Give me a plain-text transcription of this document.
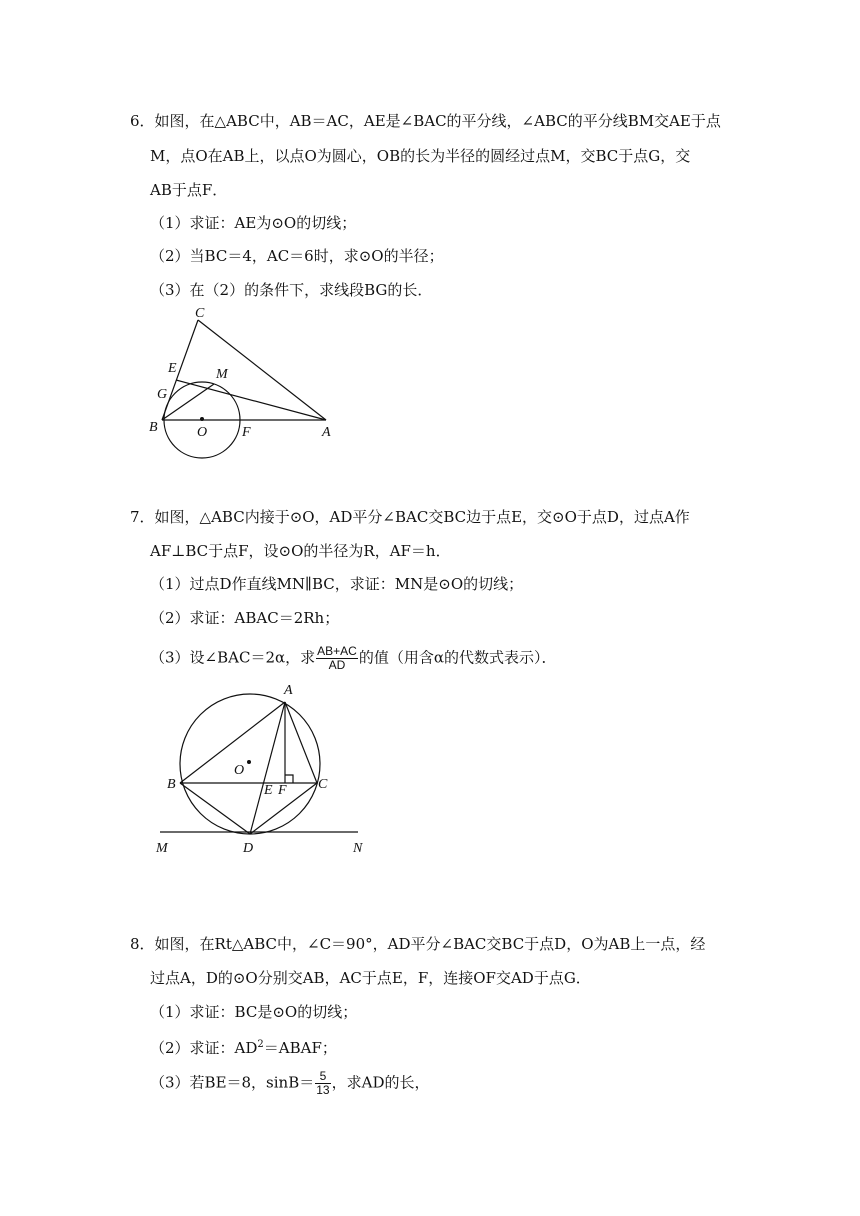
6．如图，在△ABC中，AB＝AC，AE是∠BAC的平分线，∠ABC的平分线BM交AE于点
M，点O在AB上，以点O为圆心，OB的长为半径的圆经过点M，交BC于点G，交
AB于点F．
（1）求证：AE为⊙O的切线；
（2）当BC＝4，AC＝6时，求⊙O的半径；
（3）在（2）的条件下，求线段BG的长．
C
E	M
G
B	O F	A
7．如图，△ABC内接于⊙O，AD平分∠BAC交BC边于点E，交⊙O于点D，过点A作
AF⊥BC于点F，设⊙O的半径为R，AF＝h．
（1）过点D作直线MN∥BC，求证：MN是⊙O的切线；
（2）求证：ABAC＝2Rh；
（3）设∠BAC＝2α，求 $\frac{AB+AC}{AD}$ 的值（用含α的代数式表示）．
A
O
B	E F C
M	D	N
8．如图，在Rt△ABC中，∠C＝90°，AD平分∠BAC交BC于点D，O为AB上一点，经
过点A，D的⊙O分别交AB，AC于点E，F，连接OF交AD于点G．
（1）求证：BC是⊙O的切线；
（2）求证：$AD^2=ABAF$；
（3）若BE＝8，$\sin B= \frac{5}{13}$ ，求AD的长，
